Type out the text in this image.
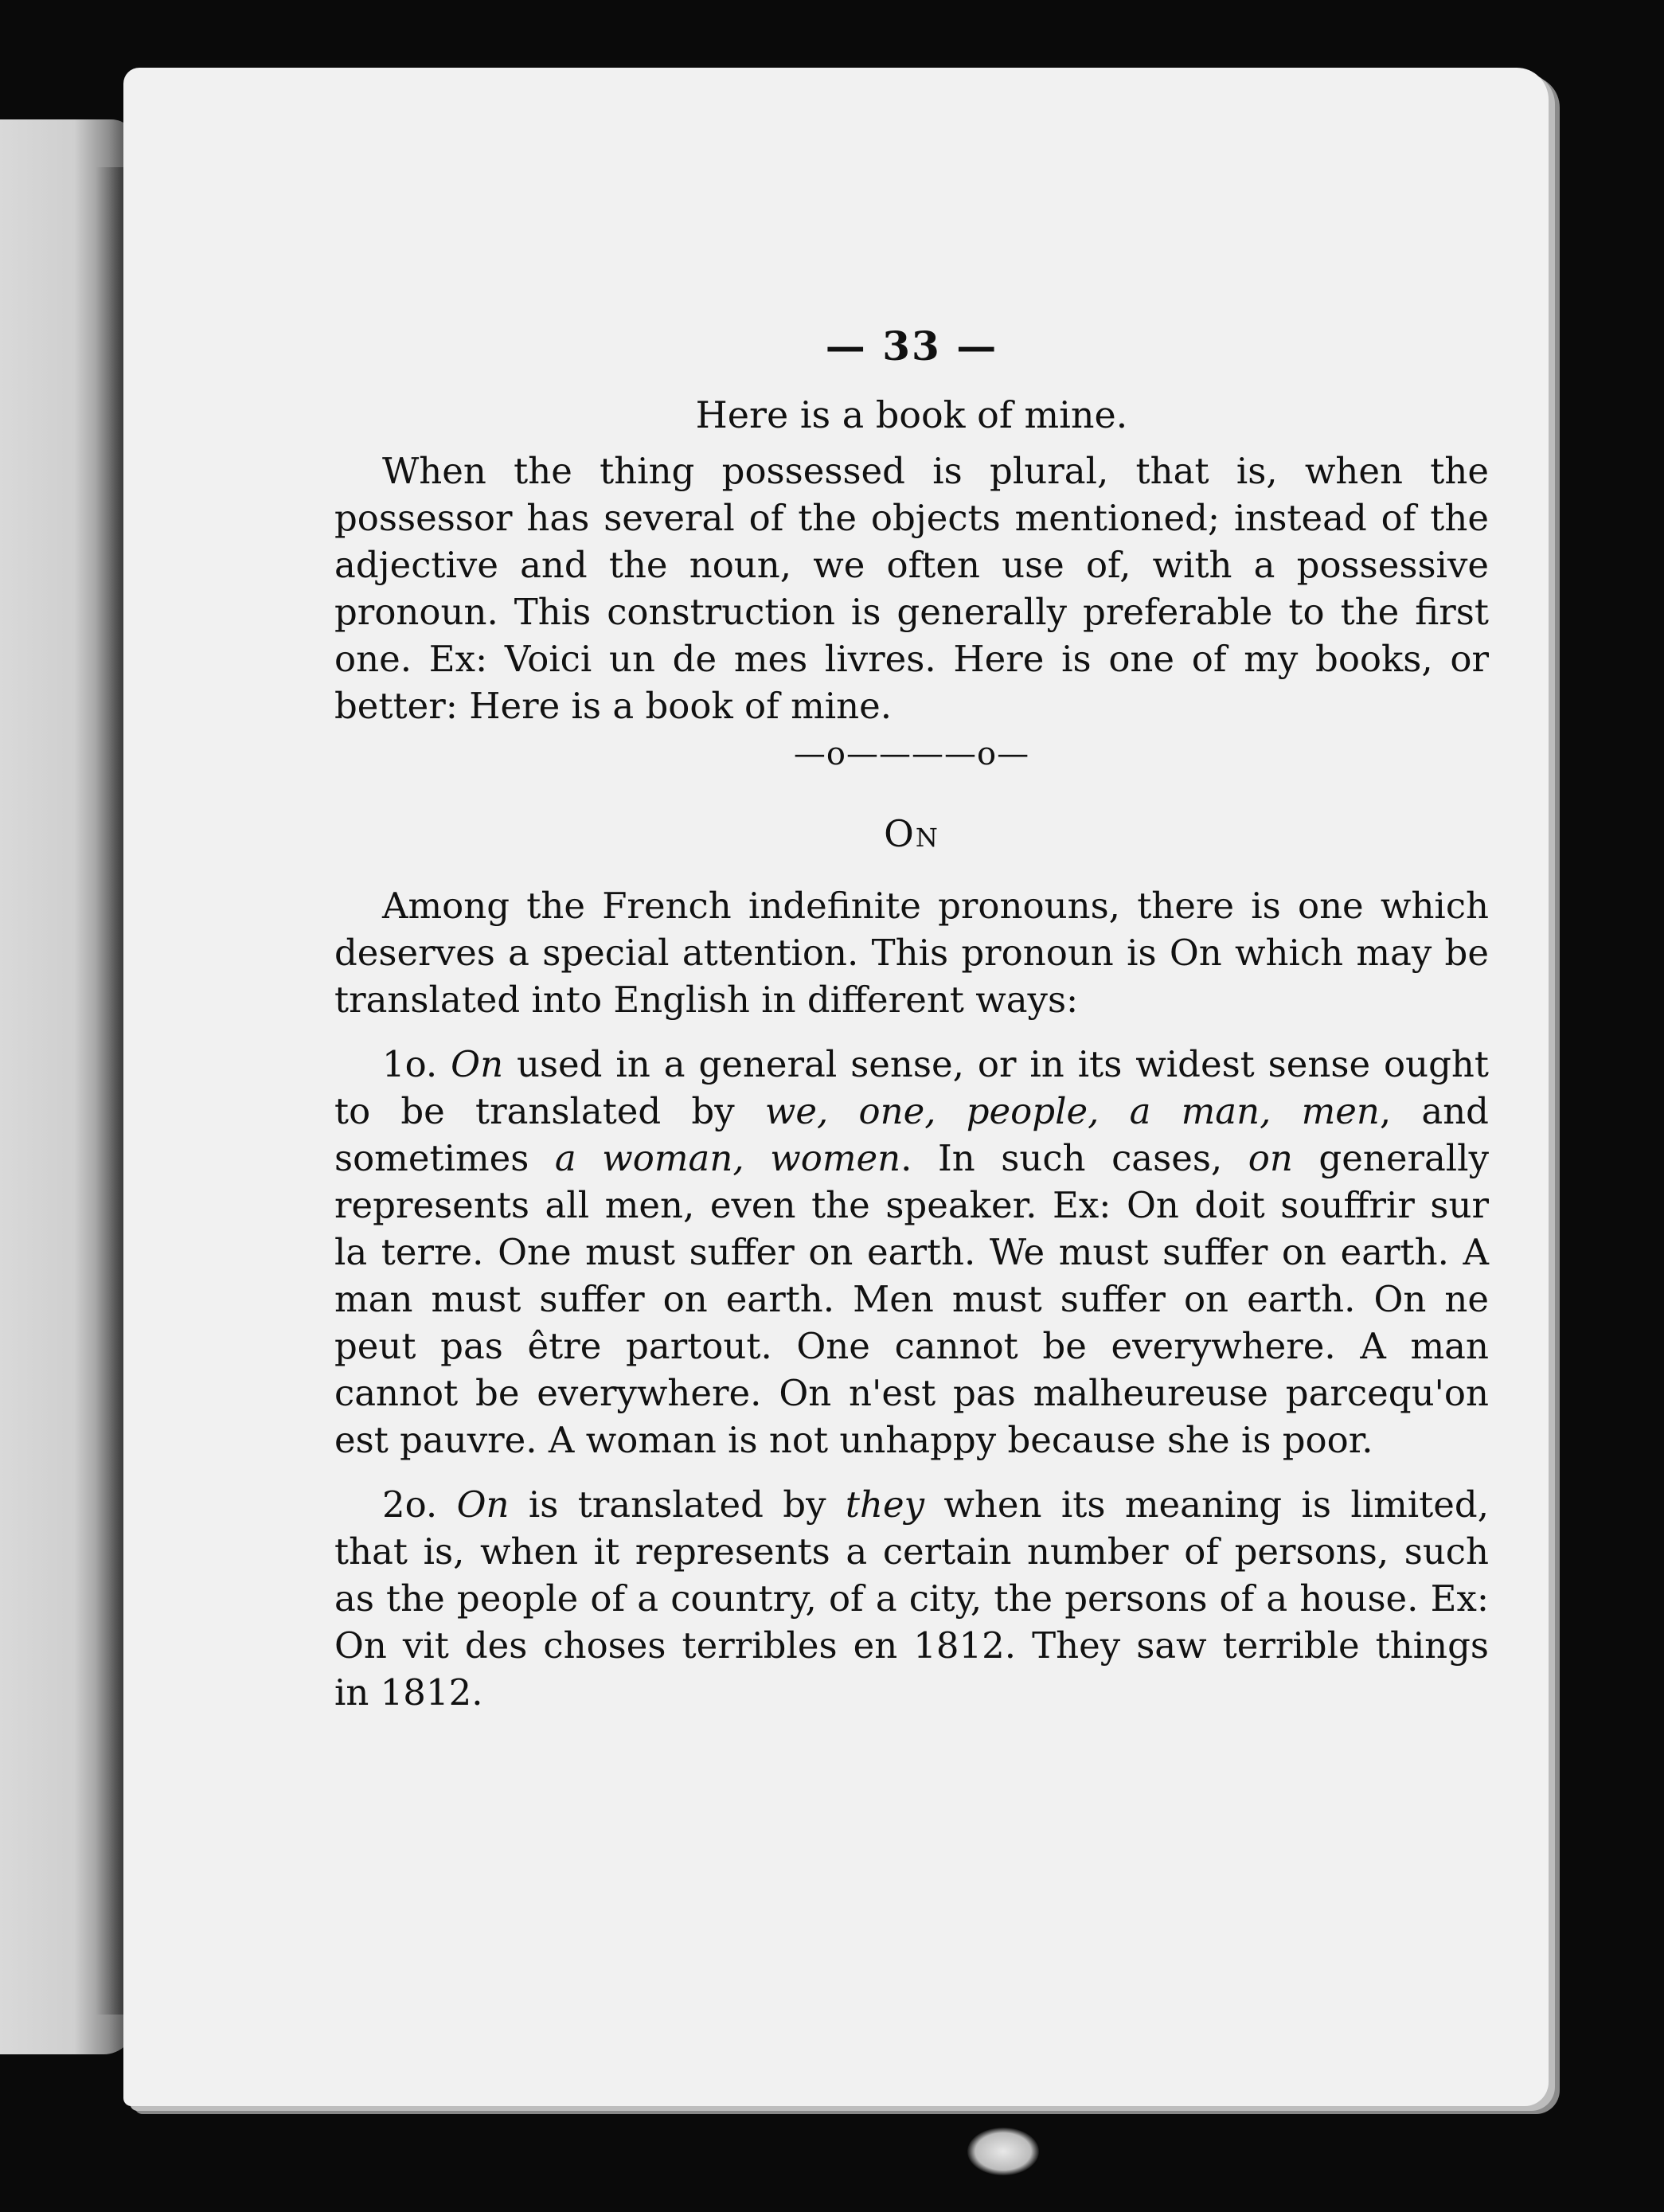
— 33 —
Here is a book of mine.

When the thing possessed is plural, that is, when the possessor has several of the objects mentioned; instead of the adjective and the noun, we often use of, with a possessive pronoun. This construction is generally preferable to the first one. Ex: Voici un de mes livres. Here is one of my books, or better: Here is a book of mine.

—o————o—
On

Among the French indefinite pronouns, there is one which deserves a special attention. This pronoun is On which may be translated into English in different ways:

1o. On used in a general sense, or in its widest sense ought to be translated by we, one, people, a man, men, and sometimes a woman, women. In such cases, on generally represents all men, even the speaker. Ex: On doit souffrir sur la terre. One must suffer on earth. We must suffer on earth. A man must suffer on earth. Men must suffer on earth. On ne peut pas être partout. One cannot be everywhere. A man cannot be everywhere. On n'est pas malheureuse parcequ'on est pauvre. A woman is not unhappy because she is poor.

2o. On is translated by they when its meaning is limited, that is, when it represents a certain number of persons, such as the people of a country, of a city, the persons of a house. Ex: On vit des choses terribles en 1812. They saw terrible things in 1812.
